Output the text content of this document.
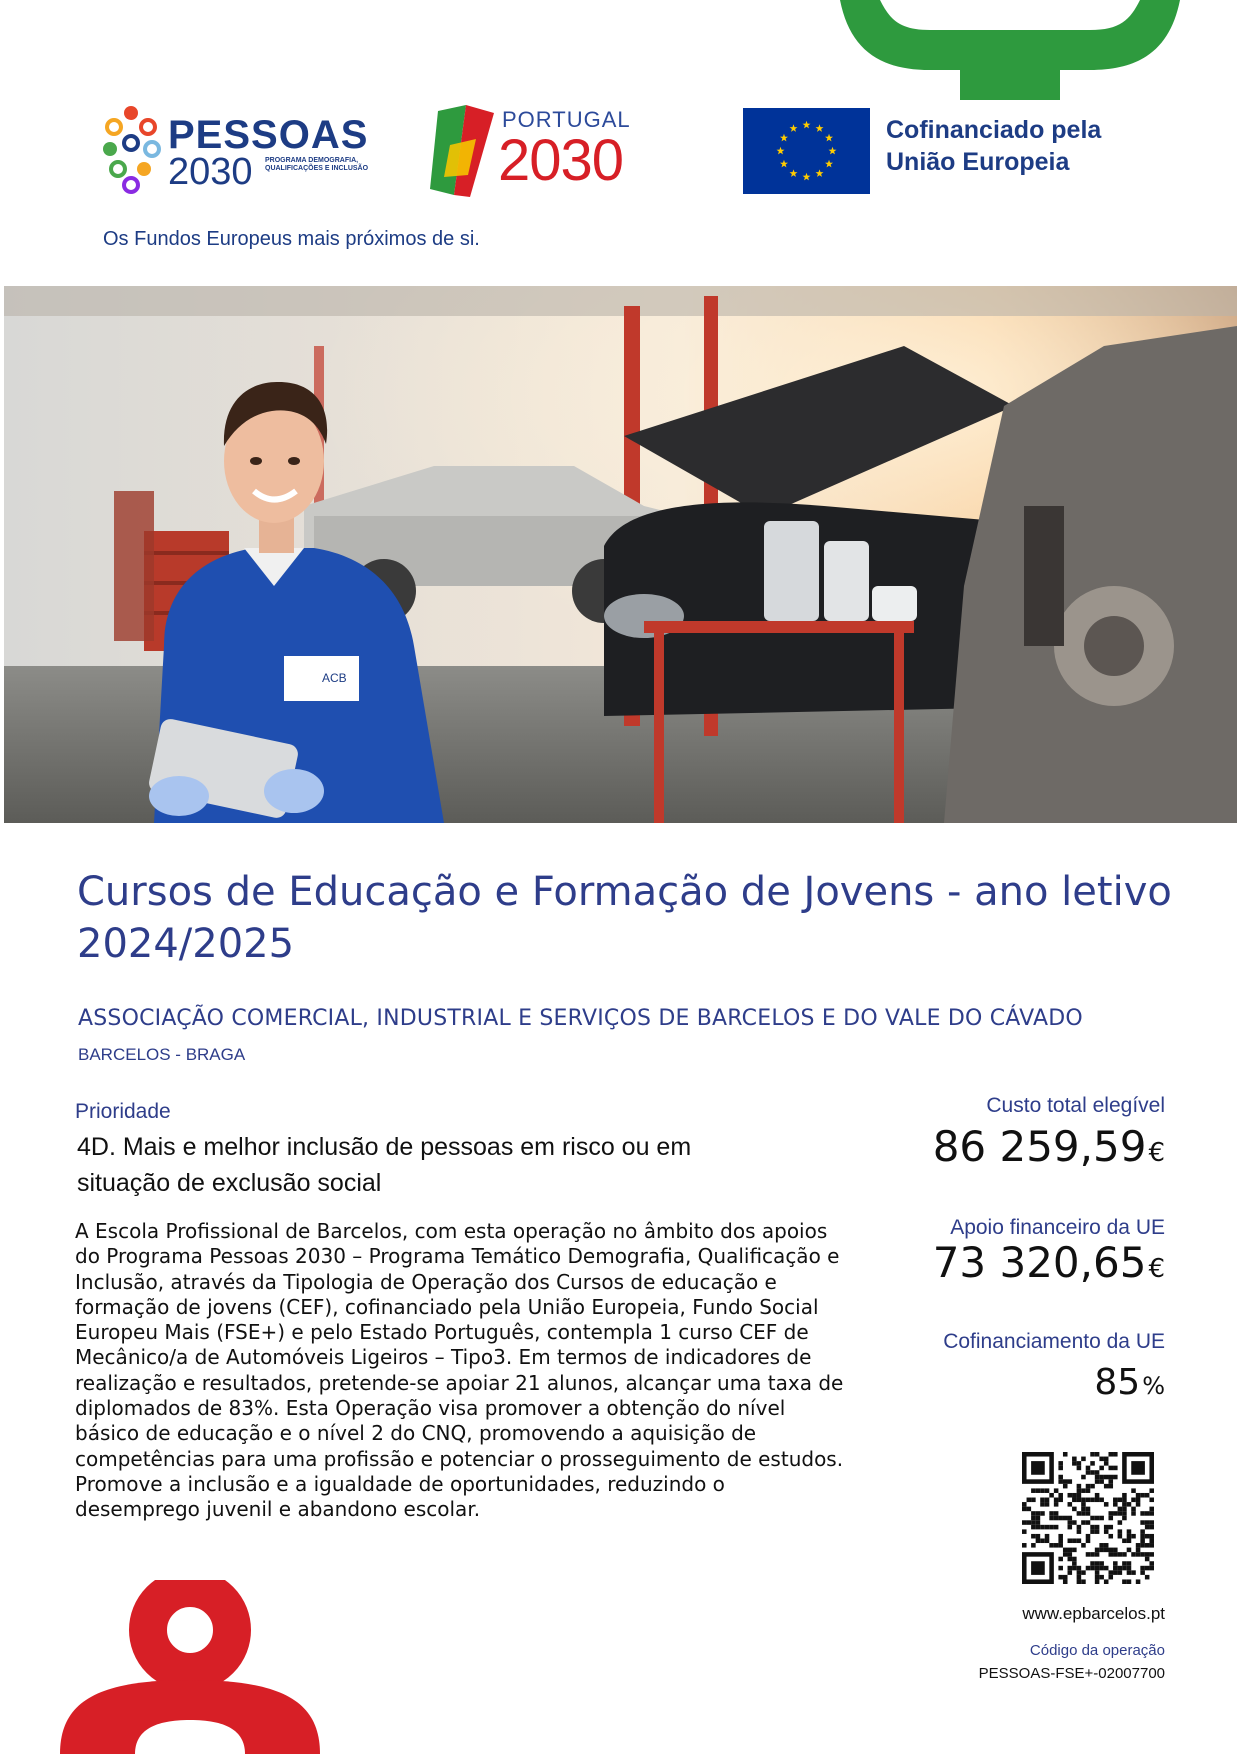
PESSOAS
2030 PROGRAMA DEMOGRAFIA, QUALIFICAÇÕES E INCLUSÃO
Os Fundos Europeus mais próximos de si.
PORTUGAL
2030	Cofinanciado pela
União Europeia
ACB
Cursos de Educação e Formação de Jovens - ano letivo 2024/2025
ASSOCIAÇÃO COMERCIAL, INDUSTRIAL E SERVIÇOS DE BARCELOS E DO VALE DO CÁVADO
BARCELOS - BRAGA
Prioridade
4D. Mais e melhor inclusão de pessoas em risco ou em situação de exclusão social
A Escola Profissional de Barcelos, com esta operação no âmbito dos apoios do Programa Pessoas 2030 – Programa Temático Demografia, Qualificação e Inclusão, através da Tipologia de Operação dos Cursos de educação e formação de jovens (CEF), cofinanciado pela União Europeia, Fundo Social Europeu Mais (FSE+) e pelo Estado Português, contempla 1 curso CEF de Mecânico/a de Automóveis Ligeiros – Tipo3. Em termos de indicadores de realização e resultados, pretende-se apoiar 21 alunos, alcançar uma taxa de diplomados de 83%. Esta Operação visa promover a obtenção do nível básico de educação e o nível 2 do CNQ, promovendo a aquisição de competências para uma profissão e potenciar o prosseguimento de estudos. Promove a inclusão e a igualdade de oportunidades, reduzindo o desemprego juvenil e abandono escolar.
Custo total elegível
86 259,59€
Apoio financeiro da UE
73 320,65€
Cofinanciamento da UE
85%
www.epbarcelos.pt
Código da operação
PESSOAS-FSE+-02007700
